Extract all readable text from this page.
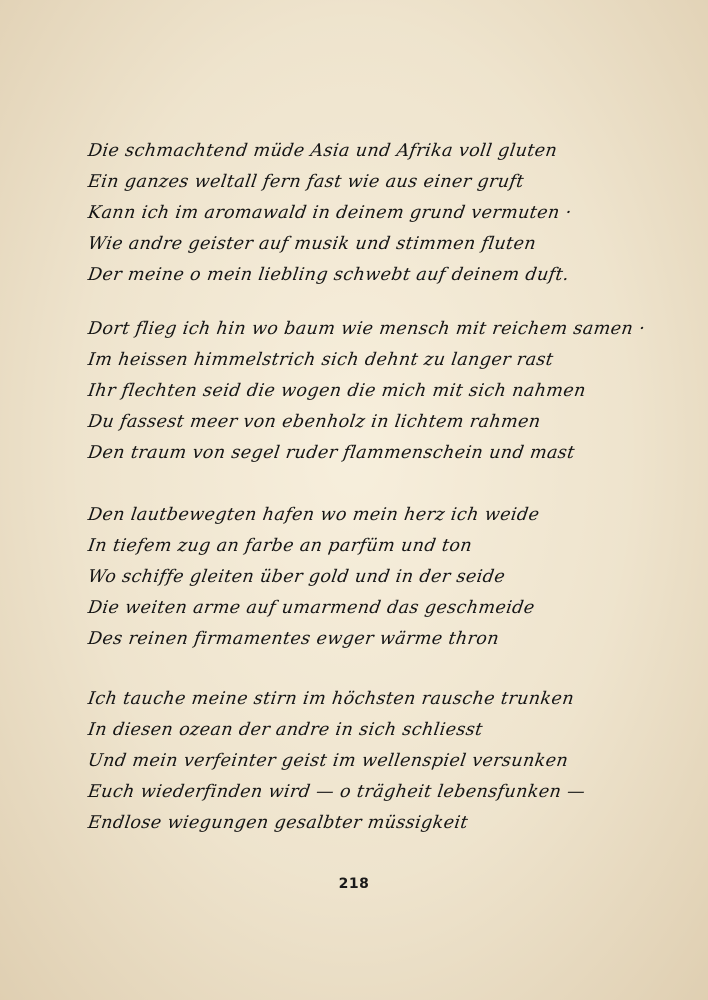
Die schmachtend müde Asia und Afrika voll gluten
Ein ganzes weltall fern fast wie aus einer gruft
Kann ich im aromawald in deinem grund vermuten ·
Wie andre geister auf musik und stimmen fluten
Der meine o mein liebling schwebt auf deinem duft.
Dort flieg ich hin wo baum wie mensch mit reichem samen ·
Im heissen himmelstrich sich dehnt zu langer rast
Ihr flechten seid die wogen die mich mit sich nahmen
Du fassest meer von ebenholz in lichtem rahmen
Den traum von segel ruder flammenschein und mast
Den lautbewegten hafen wo mein herz ich weide
In tiefem zug an farbe an parfüm und ton
Wo schiffe gleiten über gold und in der seide
Die weiten arme auf umarmend das geschmeide
Des reinen firmamentes ewger wärme thron
Ich tauche meine stirn im höchsten rausche trunken
In diesen ozean der andre in sich schliesst
Und mein verfeinter geist im wellenspiel versunken
Euch wiederfinden wird — o trägheit lebensfunken —
Endlose wiegungen gesalbter müssigkeit
218
